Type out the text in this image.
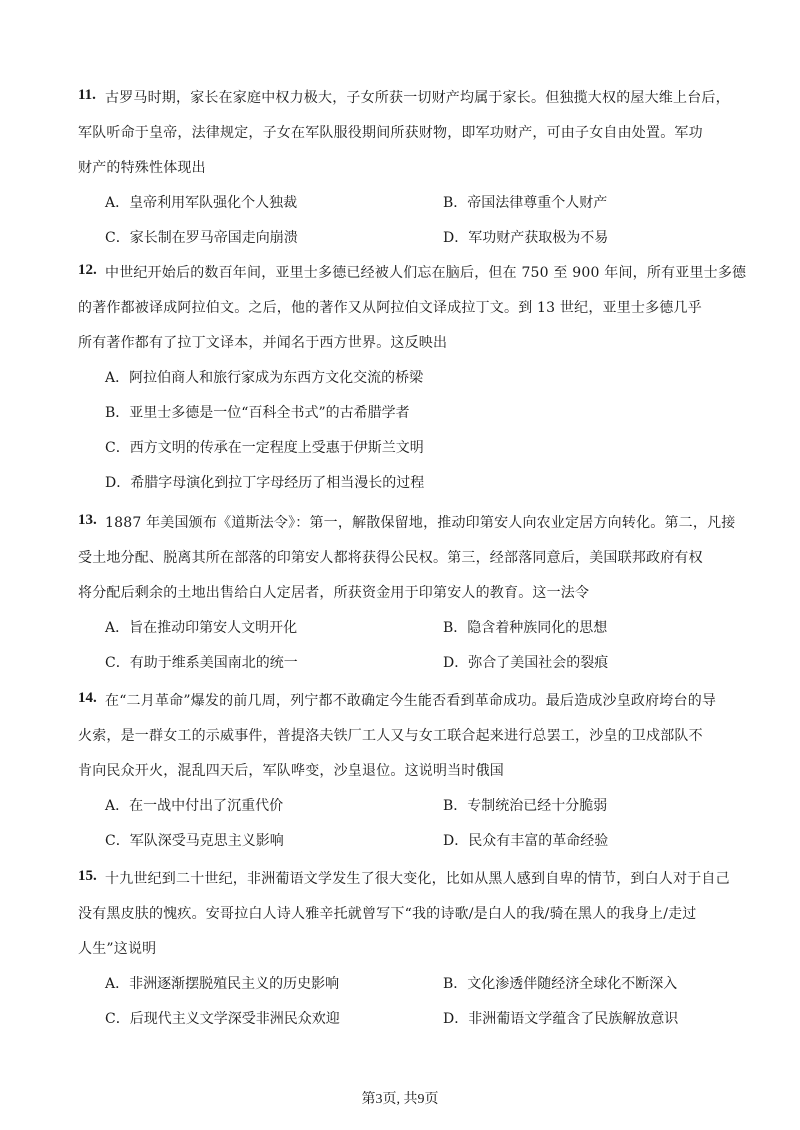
11. 古罗马时期，家长在家庭中权力极大，子女所获一切财产均属于家长。但独揽大权的屋大维上台后，
军队听命于皇帝，法律规定，子女在军队服役期间所获财物，即军功财产，可由子女自由处置。军功
财产的特殊性体现出
A．皇帝利用军队强化个人独裁	B．帝国法律尊重个人财产
C．家长制在罗马帝国走向崩溃	D．军功财产获取极为不易
12. 中世纪开始后的数百年间，亚里士多德已经被人们忘在脑后，但在 750 至 900 年间，所有亚里士多德
的著作都被译成阿拉伯文。之后，他的著作又从阿拉伯文译成拉丁文。到 13 世纪，亚里士多德几乎
所有著作都有了拉丁文译本，并闻名于西方世界。这反映出
A．阿拉伯商人和旅行家成为东西方文化交流的桥梁
B．亚里士多德是一位“百科全书式”的古希腊学者
C．西方文明的传承在一定程度上受惠于伊斯兰文明
D．希腊字母演化到拉丁字母经历了相当漫长的过程
13. 1887 年美国颁布《道斯法令》：第一，解散保留地，推动印第安人向农业定居方向转化。第二，凡接
受土地分配、脱离其所在部落的印第安人都将获得公民权。第三，经部落同意后，美国联邦政府有权
将分配后剩余的土地出售给白人定居者，所获资金用于印第安人的教育。这一法令
A．旨在推动印第安人文明开化	B．隐含着种族同化的思想
C．有助于维系美国南北的统一	D．弥合了美国社会的裂痕
14. 在“二月革命”爆发的前几周，列宁都不敢确定今生能否看到革命成功。最后造成沙皇政府垮台的导
火索，是一群女工的示威事件，普提洛夫铁厂工人又与女工联合起来进行总罢工，沙皇的卫戍部队不
肯向民众开火，混乱四天后，军队哗变，沙皇退位。这说明当时俄国
A．在一战中付出了沉重代价	B．专制统治已经十分脆弱
C．军队深受马克思主义影响	D．民众有丰富的革命经验
15. 十九世纪到二十世纪，非洲葡语文学发生了很大变化，比如从黑人感到自卑的情节，到白人对于自己
没有黑皮肤的愧疚。安哥拉白人诗人雅辛托就曾写下“我的诗歌/是白人的我/骑在黑人的我身上/走过
人生”这说明
A．非洲逐渐摆脱殖民主义的历史影响	B．文化渗透伴随经济全球化不断深入
C．后现代主义文学深受非洲民众欢迎	D．非洲葡语文学蕴含了民族解放意识
第3页, 共9页
